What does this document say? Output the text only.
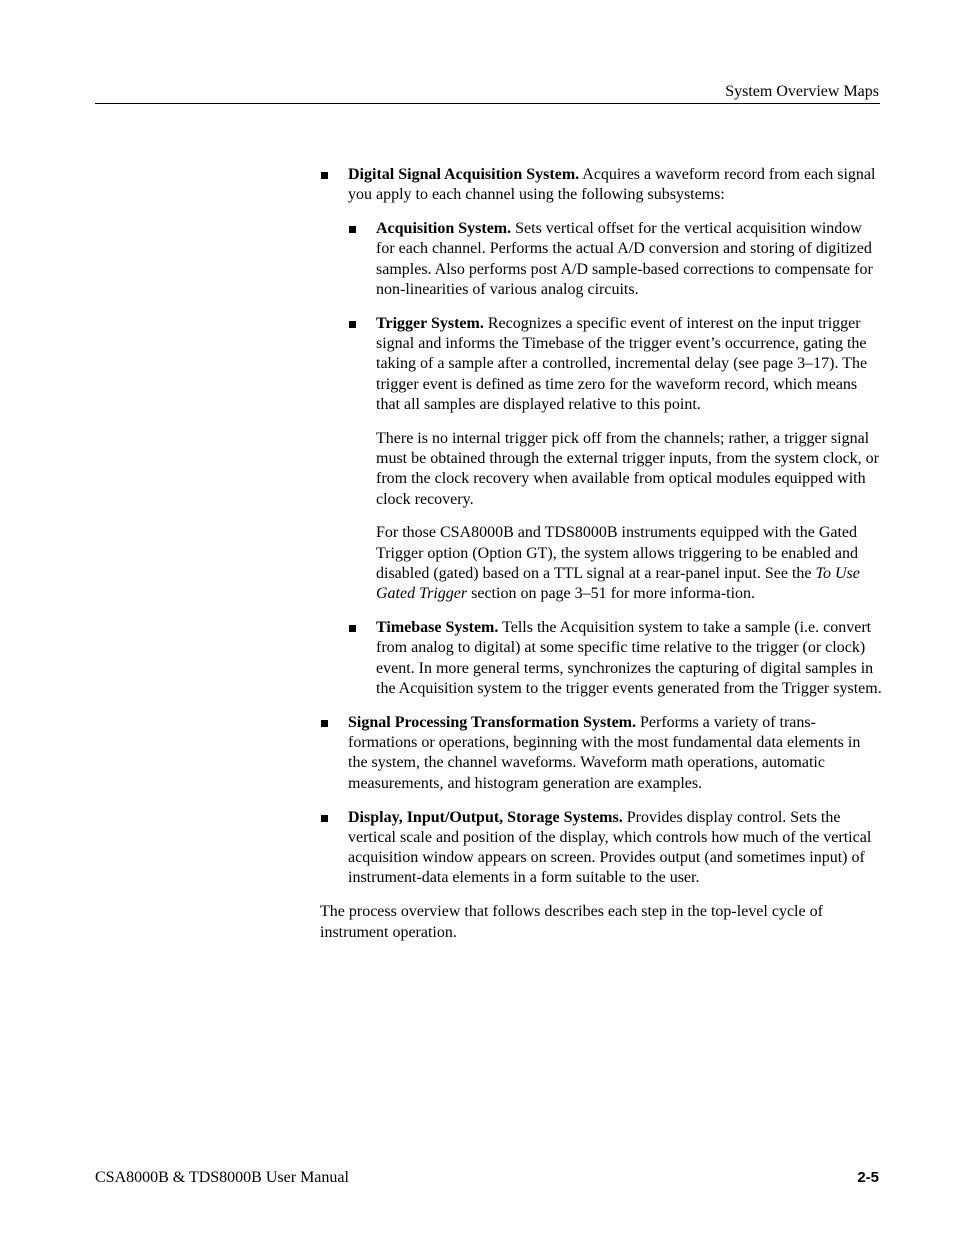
System Overview Maps
Digital Signal Acquisition System. Acquires a waveform record from each signal you apply to each channel using the following subsystems:
Acquisition System. Sets vertical offset for the vertical acquisition window for each channel. Performs the actual A/D conversion and storing of digitized samples. Also performs post A/D sample-based corrections to compensate for non-linearities of various analog circuits.
Trigger System. Recognizes a specific event of interest on the input trigger signal and informs the Timebase of the trigger event’s occurrence, gating the taking of a sample after a controlled, incremental delay (see page 3–17). The trigger event is defined as time zero for the waveform record, which means that all samples are displayed relative to this point.
There is no internal trigger pick off from the channels; rather, a trigger signal must be obtained through the external trigger inputs, from the system clock, or from the clock recovery when available from optical modules equipped with clock recovery.
For those CSA8000B and TDS8000B instruments equipped with the Gated Trigger option (Option GT), the system allows triggering to be enabled and disabled (gated) based on a TTL signal at a rear-panel input. See the To Use Gated Trigger section on page 3–51 for more informa-tion.
Timebase System. Tells the Acquisition system to take a sample (i.e. convert from analog to digital) at some specific time relative to the trigger (or clock) event. In more general terms, synchronizes the capturing of digital samples in the Acquisition system to the trigger events generated from the Trigger system.
Signal Processing Transformation System. Performs a variety of trans-formations or operations, beginning with the most fundamental data elements in the system, the channel waveforms. Waveform math operations, automatic measurements, and histogram generation are examples.
Display, Input/Output, Storage Systems. Provides display control. Sets the vertical scale and position of the display, which controls how much of the vertical acquisition window appears on screen. Provides output (and sometimes input) of instrument-data elements in a form suitable to the user.
The process overview that follows describes each step in the top-level cycle of instrument operation.
CSA8000B & TDS8000B User Manual	2-5
